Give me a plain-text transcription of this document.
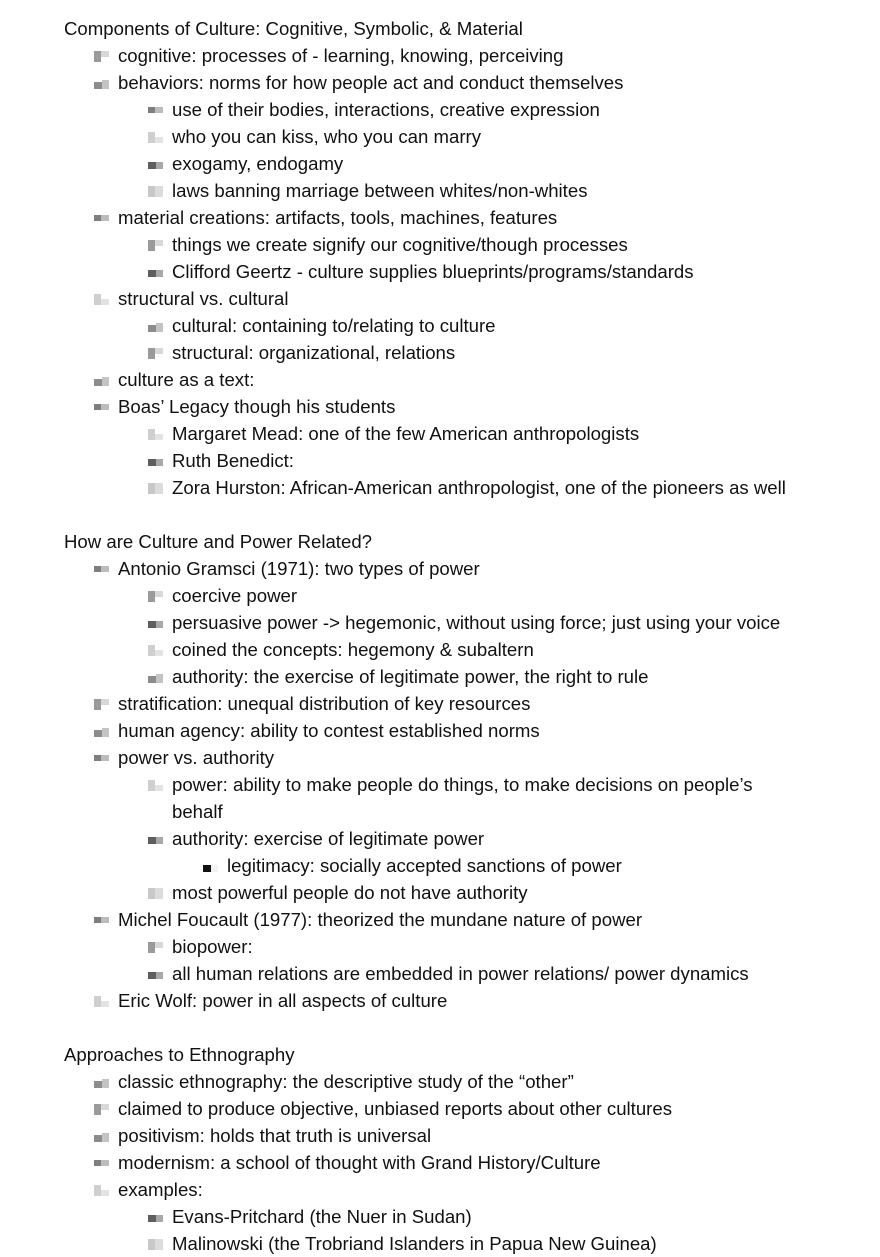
Components of Culture: Cognitive, Symbolic, & Material
cognitive: processes of - learning, knowing, perceiving
behaviors: norms for how people act and conduct themselves
use of their bodies, interactions, creative expression
who you can kiss, who you can marry
exogamy, endogamy
laws banning marriage between whites/non-whites
material creations: artifacts, tools, machines, features
things we create signify our cognitive/though processes
Clifford Geertz - culture supplies blueprints/programs/standards
structural vs. cultural
cultural: containing to/relating to culture
structural: organizational, relations
culture as a text:
Boas’ Legacy though his students
Margaret Mead: one of the few American anthropologists
Ruth Benedict:
Zora Hurston: African-American anthropologist, one of the pioneers as well
How are Culture and Power Related?
Antonio Gramsci (1971): two types of power
coercive power
persuasive power -> hegemonic, without using force; just using your voice
coined the concepts: hegemony & subaltern
authority: the exercise of legitimate power, the right to rule
stratification: unequal distribution of key resources
human agency: ability to contest established norms
power vs. authority
power: ability to make people do things, to make decisions on people’s behalf
authority: exercise of legitimate power
legitimacy: socially accepted sanctions of power
most powerful people do not have authority
Michel Foucault (1977): theorized the mundane nature of power
biopower:
all human relations are embedded in power relations/ power dynamics
Eric Wolf: power in all aspects of culture
Approaches to Ethnography
classic ethnography: the descriptive study of the “other”
claimed to produce objective, unbiased reports about other cultures
positivism: holds that truth is universal
modernism: a school of thought with Grand History/Culture
examples:
Evans-Pritchard (the Nuer in Sudan)
Malinowski (the Trobriand Islanders in Papua New Guinea)
